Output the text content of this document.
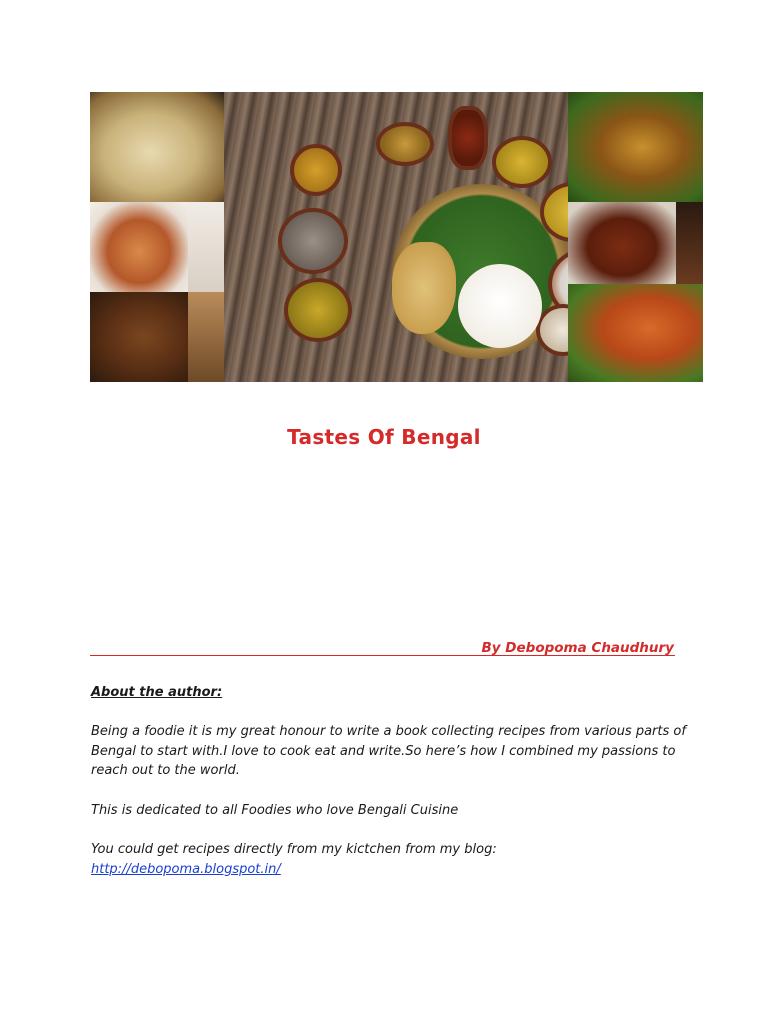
Tastes Of Bengal
By Debopoma Chaudhury
About the author:
Being a foodie it is my great honour to write a book collecting recipes from various parts of Bengal to start with.I love to cook eat and write.So here’s how I combined my passions to reach out to the world.
This is dedicated to all Foodies who love Bengali Cuisine
You could get recipes directly from my kictchen from my blog:
http://debopoma.blogspot.in/
